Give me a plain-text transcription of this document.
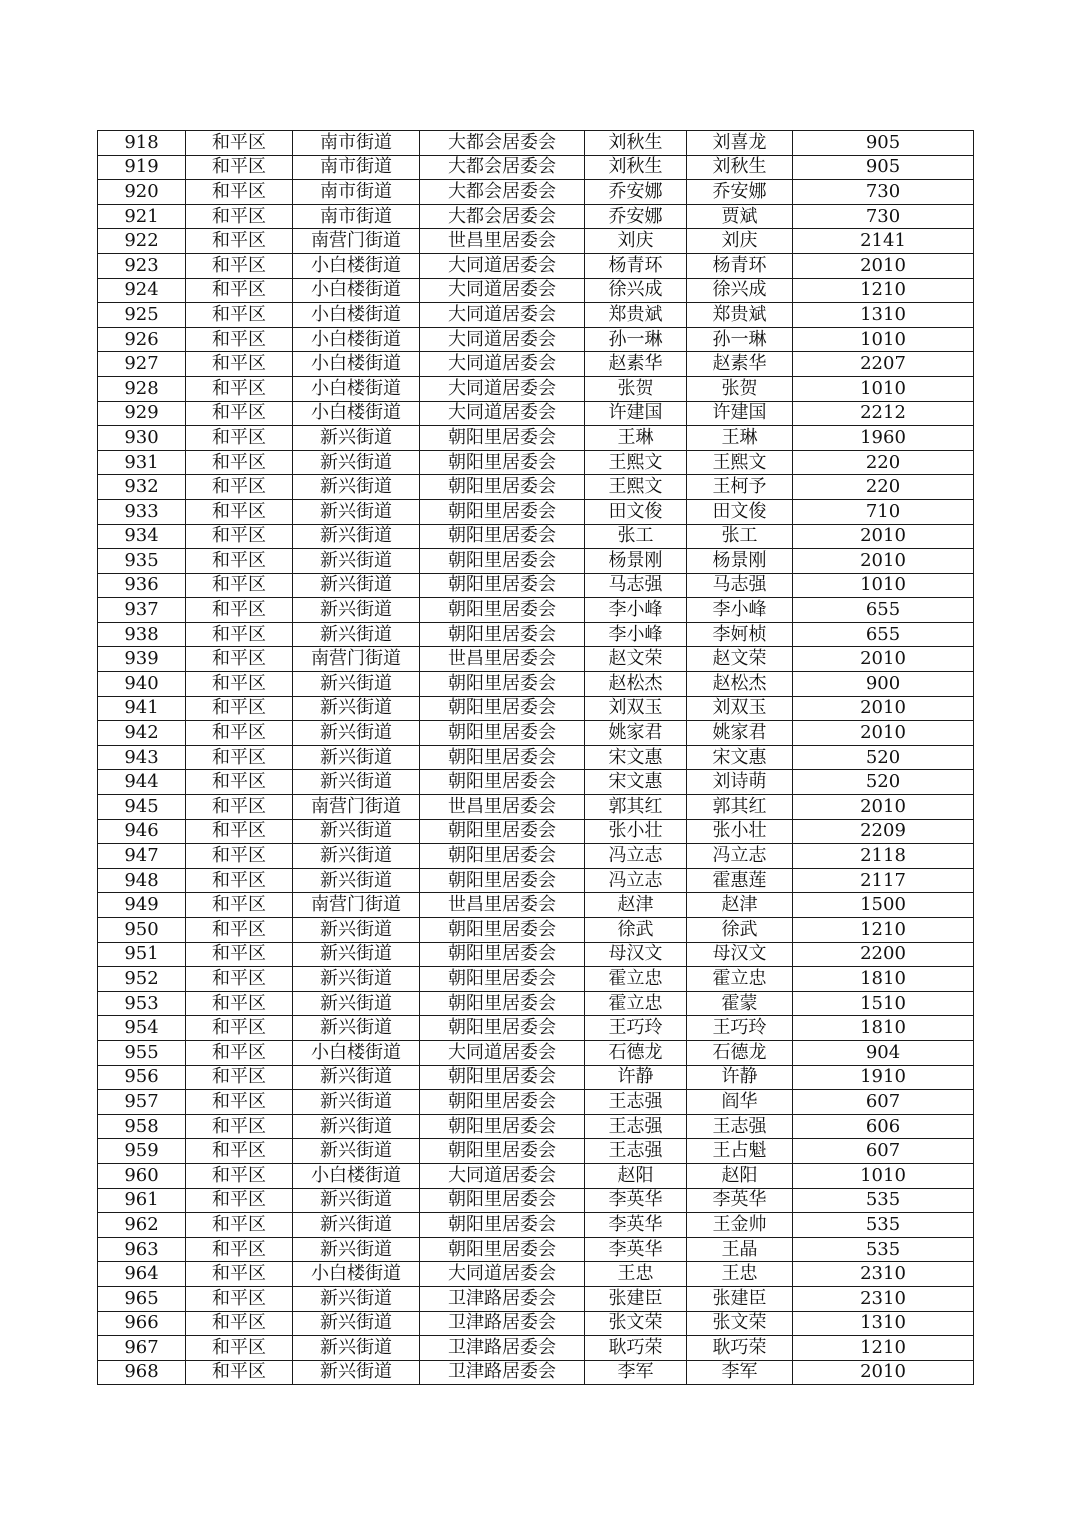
918	和平区	南市街道	大都会居委会	刘秋生	刘喜龙	905
919	和平区	南市街道	大都会居委会	刘秋生	刘秋生	905
920	和平区	南市街道	大都会居委会	乔安娜	乔安娜	730
921	和平区	南市街道	大都会居委会	乔安娜	贾斌	730
922	和平区	南营门街道	世昌里居委会	刘庆	刘庆	2141
923	和平区	小白楼街道	大同道居委会	杨青环	杨青环	2010
924	和平区	小白楼街道	大同道居委会	徐兴成	徐兴成	1210
925	和平区	小白楼街道	大同道居委会	郑贵斌	郑贵斌	1310
926	和平区	小白楼街道	大同道居委会	孙一琳	孙一琳	1010
927	和平区	小白楼街道	大同道居委会	赵素华	赵素华	2207
928	和平区	小白楼街道	大同道居委会	张贺	张贺	1010
929	和平区	小白楼街道	大同道居委会	许建国	许建国	2212
930	和平区	新兴街道	朝阳里居委会	王琳	王琳	1960
931	和平区	新兴街道	朝阳里居委会	王熙文	王熙文	220
932	和平区	新兴街道	朝阳里居委会	王熙文	王柯予	220
933	和平区	新兴街道	朝阳里居委会	田文俊	田文俊	710
934	和平区	新兴街道	朝阳里居委会	张工	张工	2010
935	和平区	新兴街道	朝阳里居委会	杨景刚	杨景刚	2010
936	和平区	新兴街道	朝阳里居委会	马志强	马志强	1010
937	和平区	新兴街道	朝阳里居委会	李小峰	李小峰	655
938	和平区	新兴街道	朝阳里居委会	李小峰	李妸桢	655
939	和平区	南营门街道	世昌里居委会	赵文荣	赵文荣	2010
940	和平区	新兴街道	朝阳里居委会	赵松杰	赵松杰	900
941	和平区	新兴街道	朝阳里居委会	刘双玉	刘双玉	2010
942	和平区	新兴街道	朝阳里居委会	姚家君	姚家君	2010
943	和平区	新兴街道	朝阳里居委会	宋文惠	宋文惠	520
944	和平区	新兴街道	朝阳里居委会	宋文惠	刘诗萌	520
945	和平区	南营门街道	世昌里居委会	郭其红	郭其红	2010
946	和平区	新兴街道	朝阳里居委会	张小壮	张小壮	2209
947	和平区	新兴街道	朝阳里居委会	冯立志	冯立志	2118
948	和平区	新兴街道	朝阳里居委会	冯立志	霍惠莲	2117
949	和平区	南营门街道	世昌里居委会	赵津	赵津	1500
950	和平区	新兴街道	朝阳里居委会	徐武	徐武	1210
951	和平区	新兴街道	朝阳里居委会	母汉文	母汉文	2200
952	和平区	新兴街道	朝阳里居委会	霍立忠	霍立忠	1810
953	和平区	新兴街道	朝阳里居委会	霍立忠	霍蒙	1510
954	和平区	新兴街道	朝阳里居委会	王巧玲	王巧玲	1810
955	和平区	小白楼街道	大同道居委会	石德龙	石德龙	904
956	和平区	新兴街道	朝阳里居委会	许静	许静	1910
957	和平区	新兴街道	朝阳里居委会	王志强	阎华	607
958	和平区	新兴街道	朝阳里居委会	王志强	王志强	606
959	和平区	新兴街道	朝阳里居委会	王志强	王占魁	607
960	和平区	小白楼街道	大同道居委会	赵阳	赵阳	1010
961	和平区	新兴街道	朝阳里居委会	李英华	李英华	535
962	和平区	新兴街道	朝阳里居委会	李英华	王金帅	535
963	和平区	新兴街道	朝阳里居委会	李英华	王晶	535
964	和平区	小白楼街道	大同道居委会	王忠	王忠	2310
965	和平区	新兴街道	卫津路居委会	张建臣	张建臣	2310
966	和平区	新兴街道	卫津路居委会	张文荣	张文荣	1310
967	和平区	新兴街道	卫津路居委会	耿巧荣	耿巧荣	1210
968	和平区	新兴街道	卫津路居委会	李军	李军	2010
